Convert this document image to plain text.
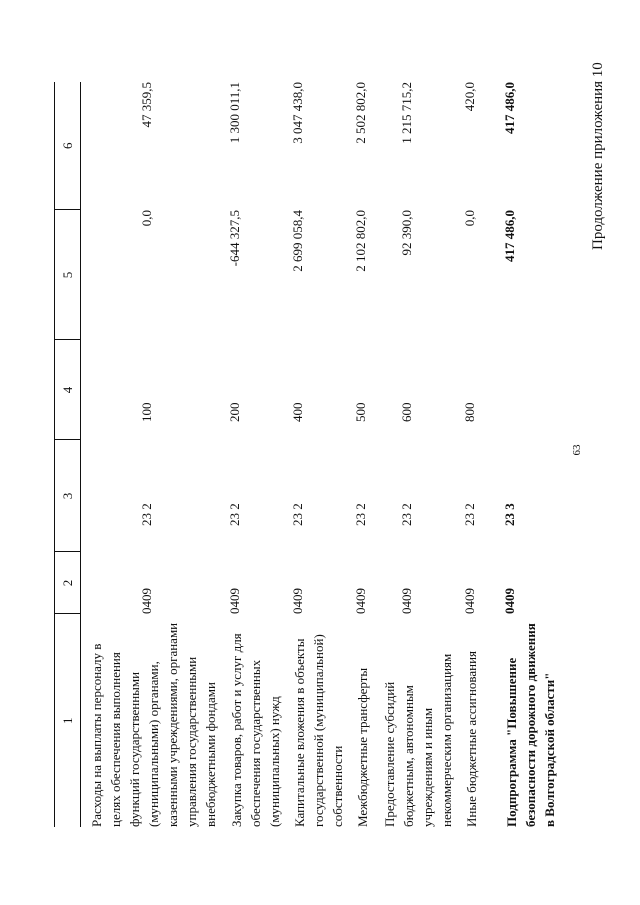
63
Продолжение приложения 10
1	2	3	4	5	6
Расходы на выплаты персоналу в целях обеспечения выполнения функций государственными (муниципальными) органами, казенными учреждениями, органами управления государственными внебюджетными фондами	0409	23 2	100	0,0	47 359,5
Закупка товаров, работ и услуг для обеспечения государственных (муниципальных) нужд	0409	23 2	200	-644 327,5	1 300 011,1
Капитальные вложения в объекты государственной (муниципальной) собственности	0409	23 2	400	2 699 058,4	3 047 438,0
Межбюджетные трансферты	0409	23 2	500	2 102 802,0	2 502 802,0
Предоставление субсидий бюджетным, автономным учреждениям и иным некоммерческим организациям	0409	23 2	600	92 390,0	1 215 715,2
Иные бюджетные ассигнования	0409	23 2	800	0,0	420,0
Подпрограмма "Повышение безопасности дорожного движения в Волгоградской области"	0409	23 3		417 486,0	417 486,0
